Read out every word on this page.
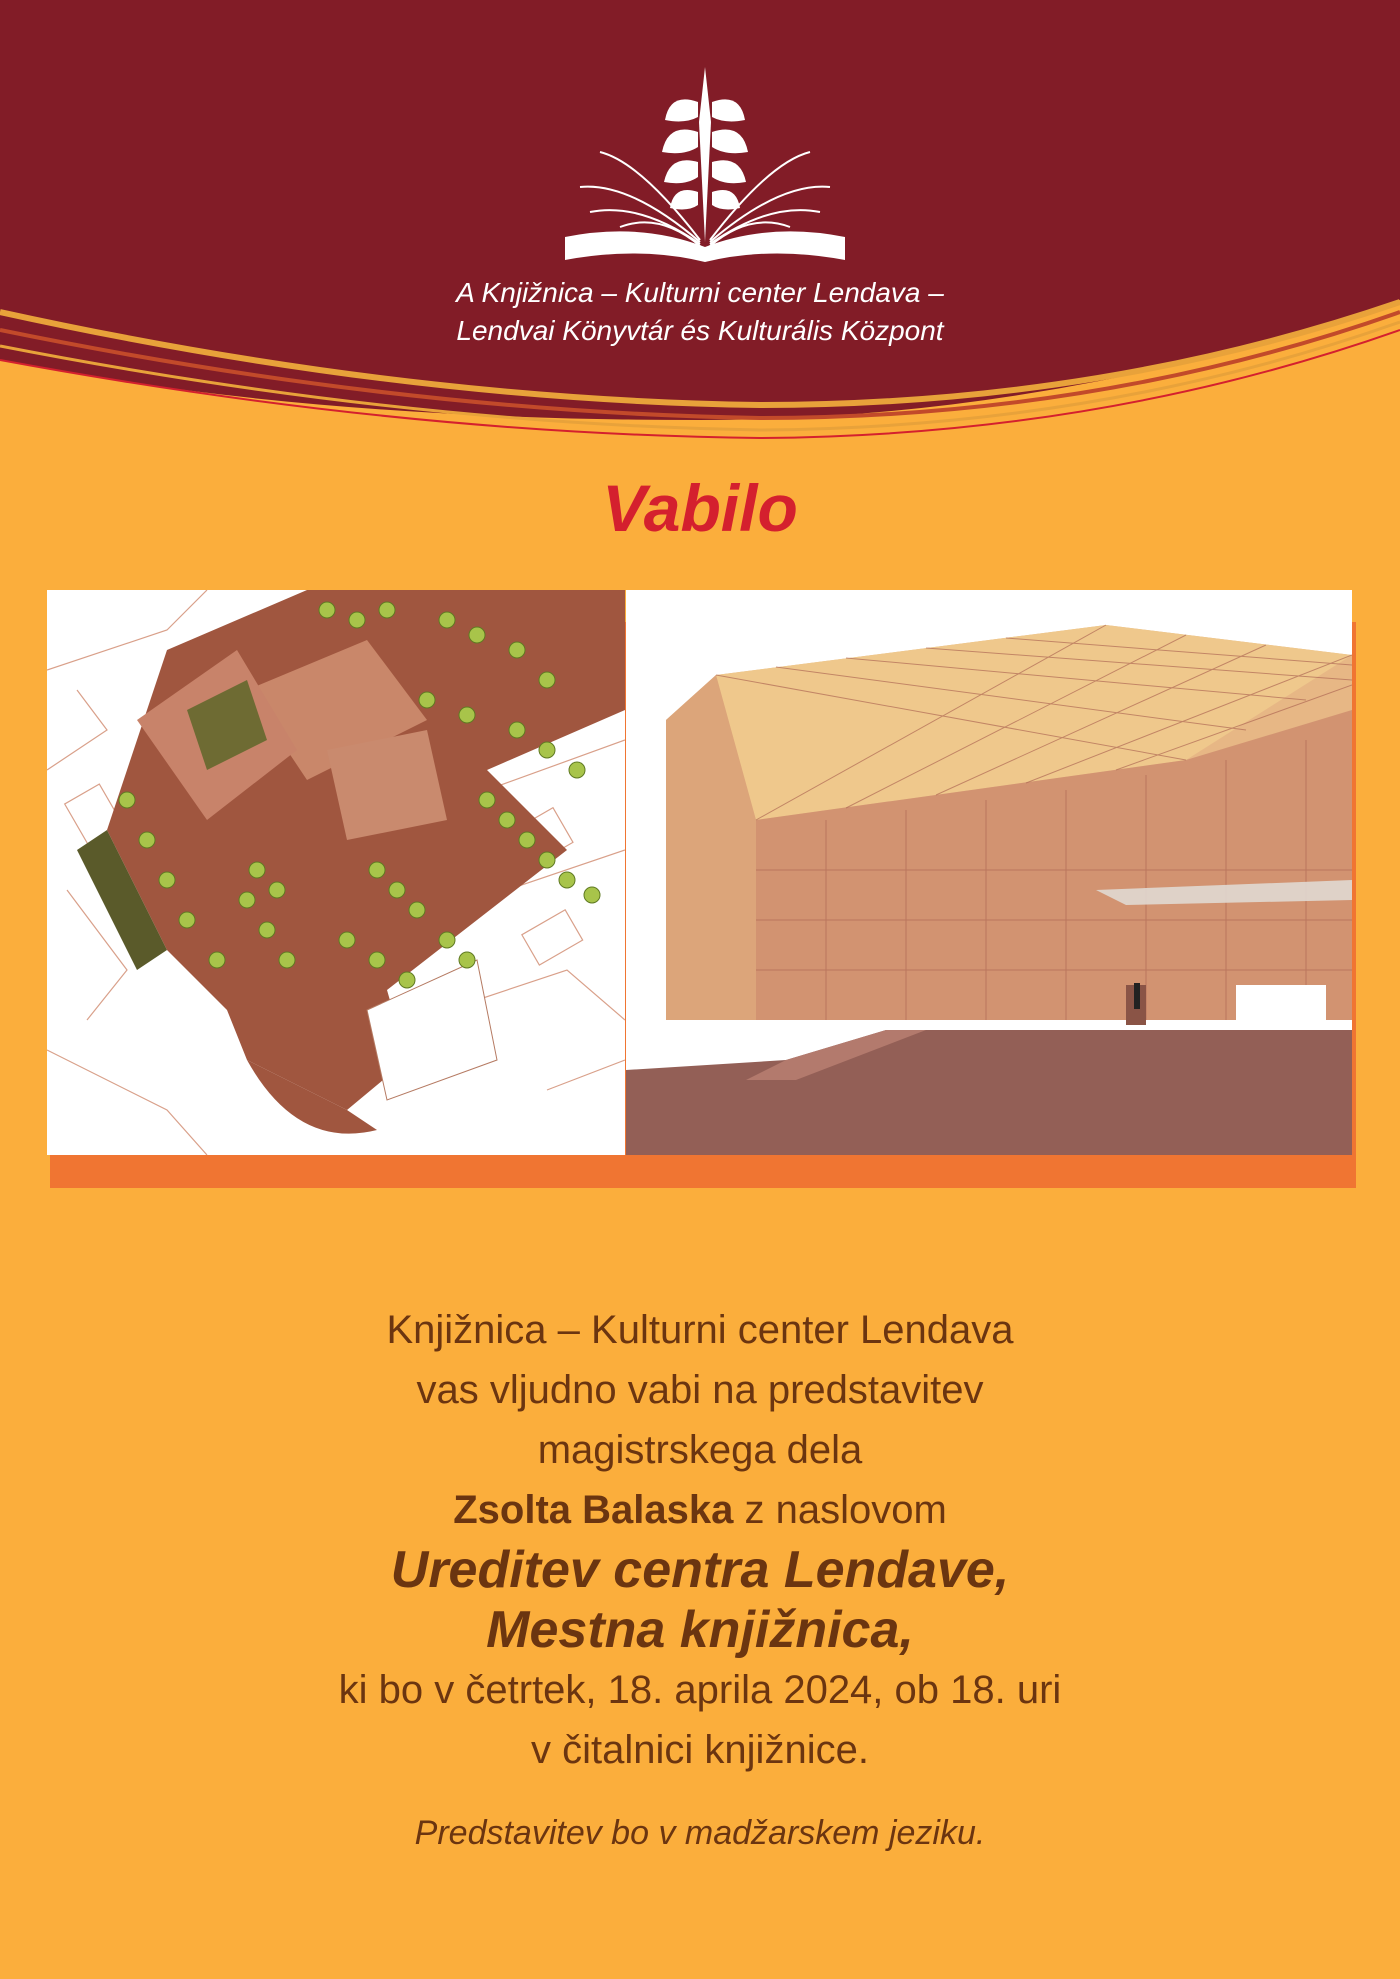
A Knjižnica – Kulturni center Lendava –
Lendvai Könyvtár és Kulturális Központ
Vabilo

Knjižnica – Kulturni center Lendava

vas vljudno vabi na predstavitev

magistrskega dela

Zsolta Balaska z naslovom

Ureditev centra Lendave,

Mestna knjižnica,

ki bo v četrtek, 18. aprila 2024, ob 18. uri

v čitalnici knjižnice.

Predstavitev bo v madžarskem jeziku.
